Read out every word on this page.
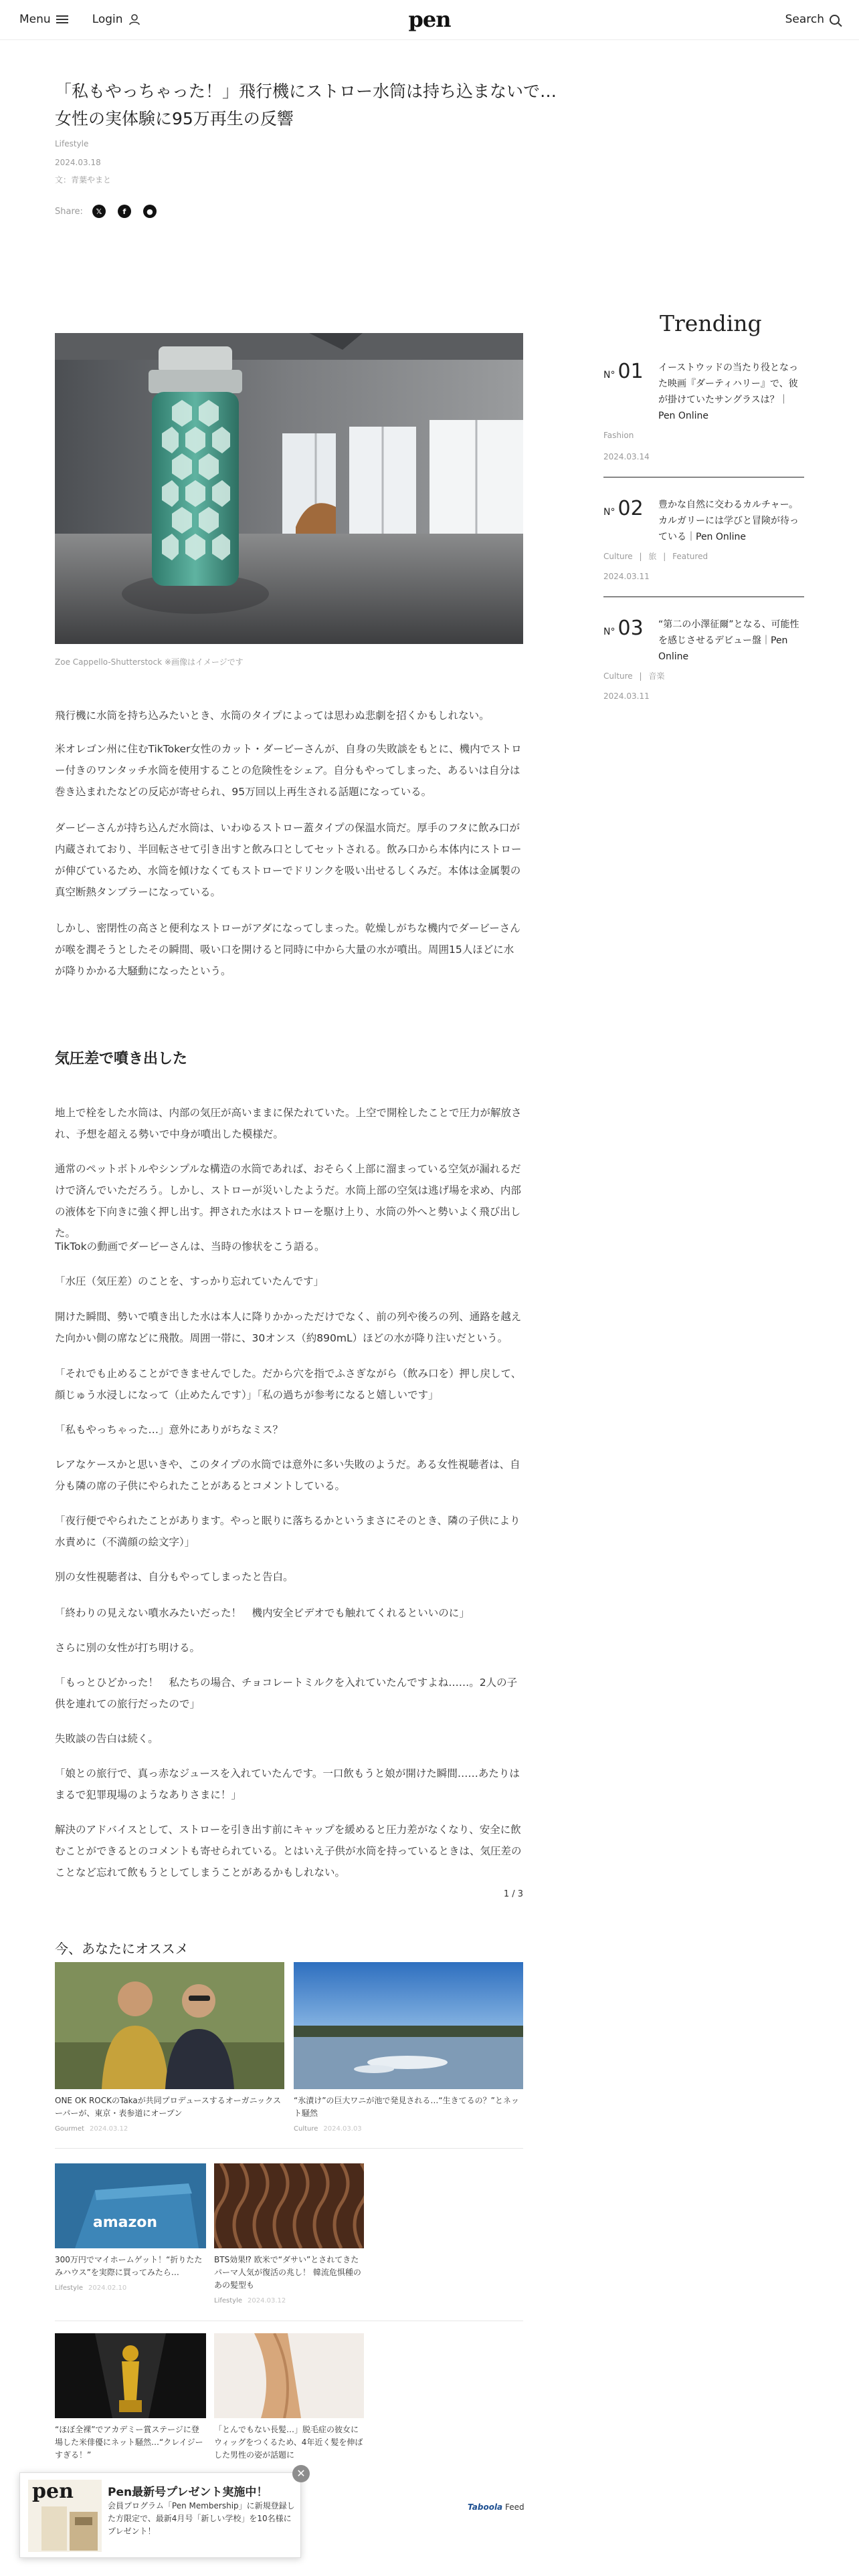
Menu	Login	pen	Search
「私もやっちゃった！」飛行機にストロー水筒は持ち込まないで…
女性の実体験に95万再生の反響
Lifestyle
2024.03.18
文：青葉やまと
Share:	𝕏	f	●
Zoe Cappello-Shutterstock ※画像はイメージです

飛行機に水筒を持ち込みたいとき、水筒のタイプによっては思わぬ悲劇を招くかもしれない。

米オレゴン州に住むTikToker女性のカット・ダービーさんが、自身の失敗談をもとに、機内でストロー付きのワンタッチ水筒を使用することの危険性をシェア。自分もやってしまった、あるいは自分は巻き込まれたなどの反応が寄せられ、95万回以上再生される話題になっている。

ダービーさんが持ち込んだ水筒は、いわゆるストロー蓋タイプの保温水筒だ。厚手のフタに飲み口が内蔵されており、半回転させて引き出すと飲み口としてセットされる。飲み口から本体内にストローが伸びているため、水筒を傾けなくてもストローでドリンクを吸い出せるしくみだ。本体は金属製の真空断熱タンブラーになっている。

しかし、密閉性の高さと便利なストローがアダになってしまった。乾燥しがちな機内でダービーさんが喉を潤そうとしたその瞬間、吸い口を開けると同時に中から大量の水が噴出。周囲15人ほどに水が降りかかる大騒動になったという。

気圧差で噴き出した

地上で栓をした水筒は、内部の気圧が高いままに保たれていた。上空で開栓したことで圧力が解放され、予想を超える勢いで中身が噴出した模様だ。

通常のペットボトルやシンプルな構造の水筒であれば、おそらく上部に溜まっている空気が漏れるだけで済んでいただろう。しかし、ストローが災いしたようだ。水筒上部の空気は逃げ場を求め、内部の液体を下向きに強く押し出す。押された水はストローを駆け上り、水筒の外へと勢いよく飛び出した。

TikTokの動画でダービーさんは、当時の惨状をこう語る。

「水圧（気圧差）のことを、すっかり忘れていたんです」

開けた瞬間、勢いで噴き出した水は本人に降りかかっただけでなく、前の列や後ろの列、通路を越えた向かい側の席などに飛散。周囲一帯に、30オンス（約890mL）ほどの水が降り注いだという。

「それでも止めることができませんでした。だから穴を指でふさぎながら（飲み口を）押し戻して、顔じゅう水浸しになって（止めたんです）」「私の過ちが参考になると嬉しいです」

「私もやっちゃった…」意外にありがちなミス？

レアなケースかと思いきや、このタイプの水筒では意外に多い失敗のようだ。ある女性視聴者は、自分も隣の席の子供にやられたことがあるとコメントしている。

「夜行便でやられたことがあります。やっと眠りに落ちるかというまさにそのとき、隣の子供により水責めに（不満顔の絵文字）」

別の女性視聴者は、自分もやってしまったと告白。

「終わりの見えない噴水みたいだった！　機内安全ビデオでも触れてくれるといいのに」

さらに別の女性が打ち明ける。

「もっとひどかった！　私たちの場合、チョコレートミルクを入れていたんですよね……。2人の子供を連れての旅行だったので」

失敗談の告白は続く。

「娘との旅行で、真っ赤なジュースを入れていたんです。一口飲もうと娘が開けた瞬間……あたりはまるで犯罪現場のようなありさまに！」

解決のアドバイスとして、ストローを引き出す前にキャップを緩めると圧力差がなくなり、安全に飲むことができるとのコメントも寄せられている。とはいえ子供が水筒を持っているときは、気圧差のことなど忘れて飲もうとしてしまうことがあるかもしれない。

1 / 3
Trending
N° 01 イーストウッドの当たり役となった映画『ダーティハリー』で、彼が掛けていたサングラスは？｜Pen Online
Fashion
2024.03.14
N° 02 豊かな自然に交わるカルチャー。カルガリーには学びと冒険が待っている｜Pen Online
Culture | 旅 | Featured
2024.03.11
N° 03 “第二の小澤征爾”となる、可能性を感じさせるデビュー盤｜Pen Online
Culture | 音楽
2024.03.11
今、あなたにオススメ
ONE OK ROCKのTakaが共同プロデュースするオーガニックスーパーが、東京・表参道にオープン
Gourmet 2024.03.12
“氷漬け”の巨大ワニが池で発見される…“生きてるの？”とネット騒然
Culture 2024.03.03
amazon
300万円でマイホームゲット！“折りたたみハウス”を実際に買ってみたら…
Lifestyle 2024.02.10
BTS効果⁉ 欧米で“ダサい”とされてきたパーマ人気が復活の兆し！ 韓流危惧種のあの髪型も
Lifestyle 2024.03.12
“ほぼ全裸”でアカデミー賞ステージに登場した米俳優にネット騒然…“クレイジーすぎる！”
「とんでもない長髪…」脱毛症の彼女にウィッグをつくるため、4年近く髪を伸ばした男性の姿が話題に
Taboola Feed
pen	Pen最新号プレゼント実施中！
会員プログラム「Pen Membership」に新規登録した方限定で、最新4月号「新しい学校」を10名様にプレゼント！
✕
